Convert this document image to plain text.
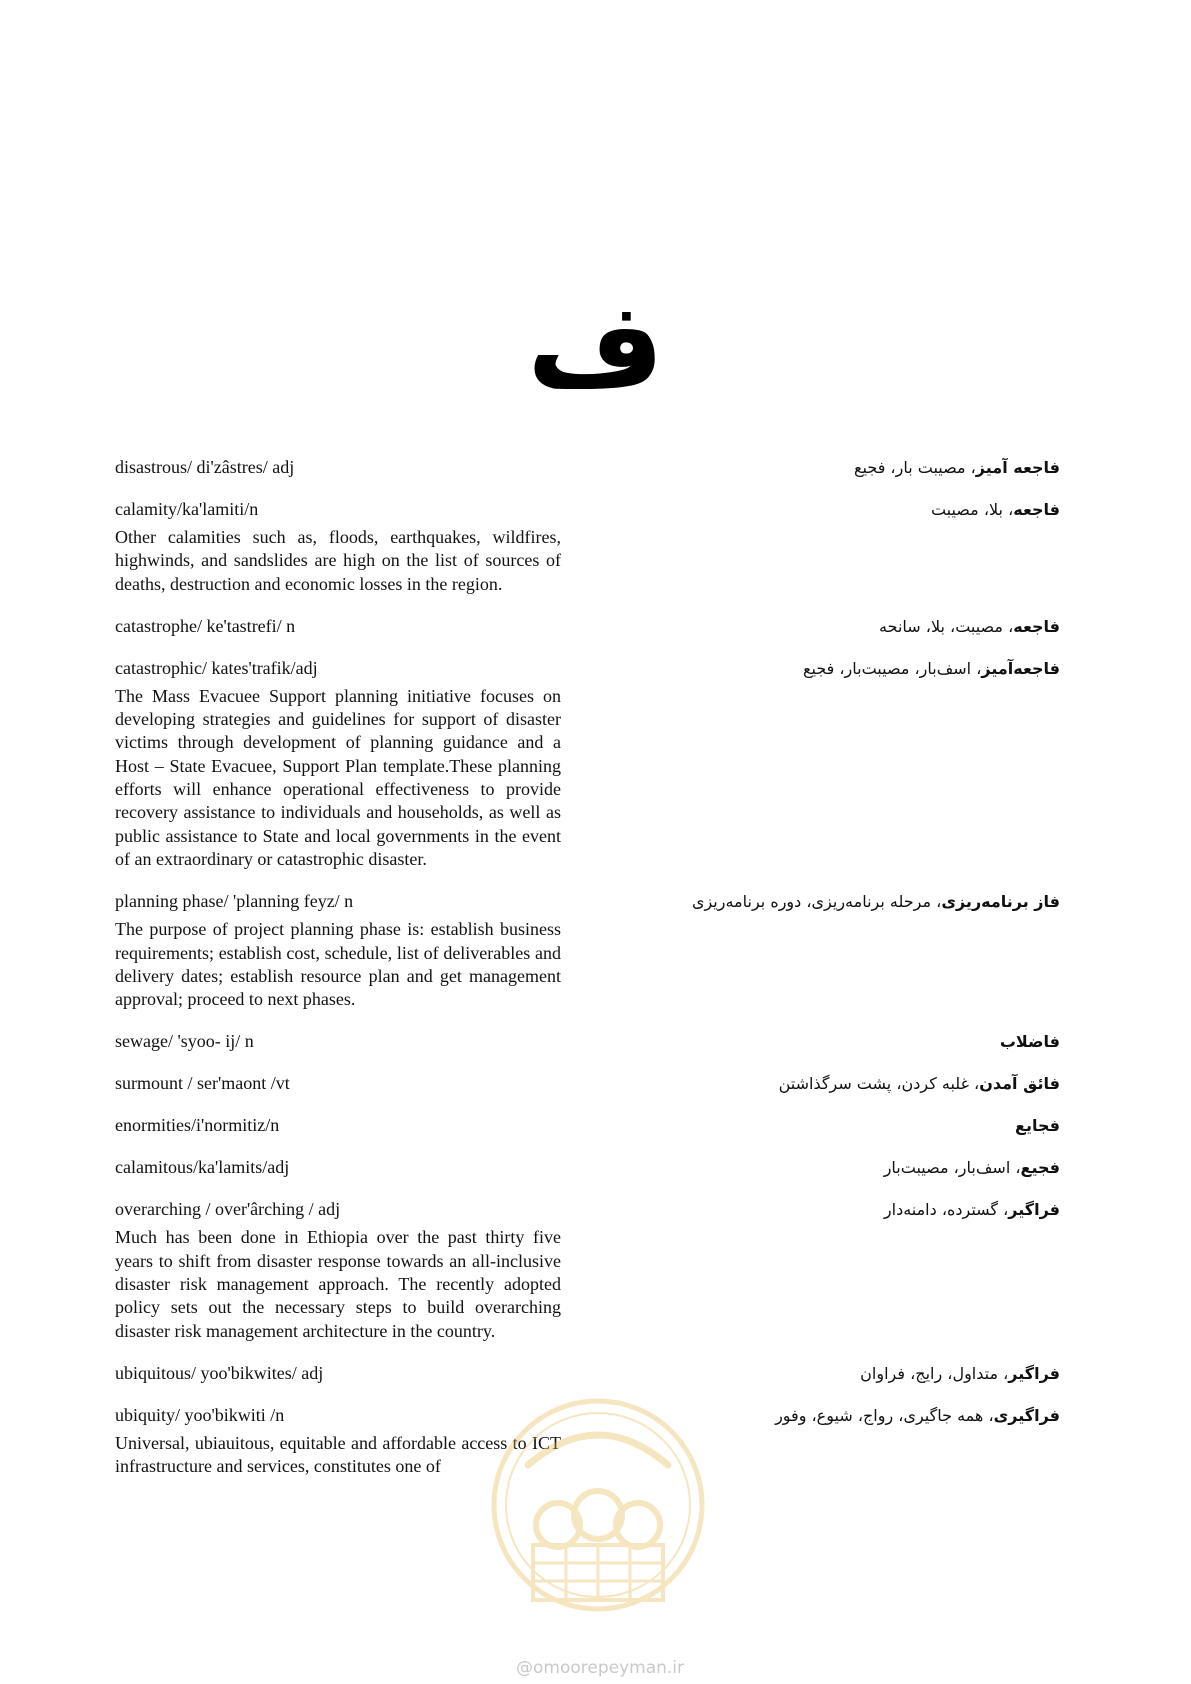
ف
disastrous/ di'zâstres/ adj	فاجعه آمیز، مصیبت بار، فجیع
calamity/ka'lamiti/n	فاجعه، بلا، مصیبت
Other calamities such as, floods, earthquakes, wildfires, highwinds, and sandslides are high on the list of sources of deaths, destruction and economic losses in the region.
catastrophe/ ke'tastrefi/ n	فاجعه، مصیبت، بلا، سانحه
catastrophic/ kates'trafik/adj	فاجعه‌آمیز، اسف‌بار، مصیبت‌بار، فجیع
The Mass Evacuee Support planning initiative focuses on developing strategies and guidelines for support of disaster victims through development of planning guidance and a Host – State Evacuee, Support Plan template.These planning efforts will enhance operational effectiveness to provide recovery assistance to individuals and households, as well as public assistance to State and local governments in the event of an extraordinary or catastrophic disaster.
planning phase/ 'planning feyz/ n	فاز برنامه‌ریزی، مرحله برنامه‌ریزی، دوره برنامه‌ریزی
The purpose of project planning phase is: establish business requirements; establish cost, schedule, list of deliverables and delivery dates; establish resource plan and get management approval; proceed to next phases.
sewage/ 'syoo- ij/ n	فاضلاب
surmount / ser'maont /vt	فائق آمدن، غلبه کردن، پشت سرگذاشتن
enormities/i'normitiz/n	فجایع
calamitous/ka'lamits/adj	فجیع، اسف‌بار، مصیبت‌بار
overarching / over'ârching / adj	فراگیر، گسترده، دامنه‌دار
Much has been done in Ethiopia over the past thirty five years to shift from disaster response towards an all-inclusive disaster risk management approach. The recently adopted policy sets out the necessary steps to build overarching disaster risk management architecture in the country.
ubiquitous/ yoo'bikwites/ adj	فراگیر، متداول، رایج، فراوان
ubiquity/ yoo'bikwiti /n	فراگیری، همه جاگیری، رواج، شیوع، وفور
Universal, ubiauitous, equitable and affordable access to ICT infrastructure and services, constitutes one of
@omoorepeyman.ir
